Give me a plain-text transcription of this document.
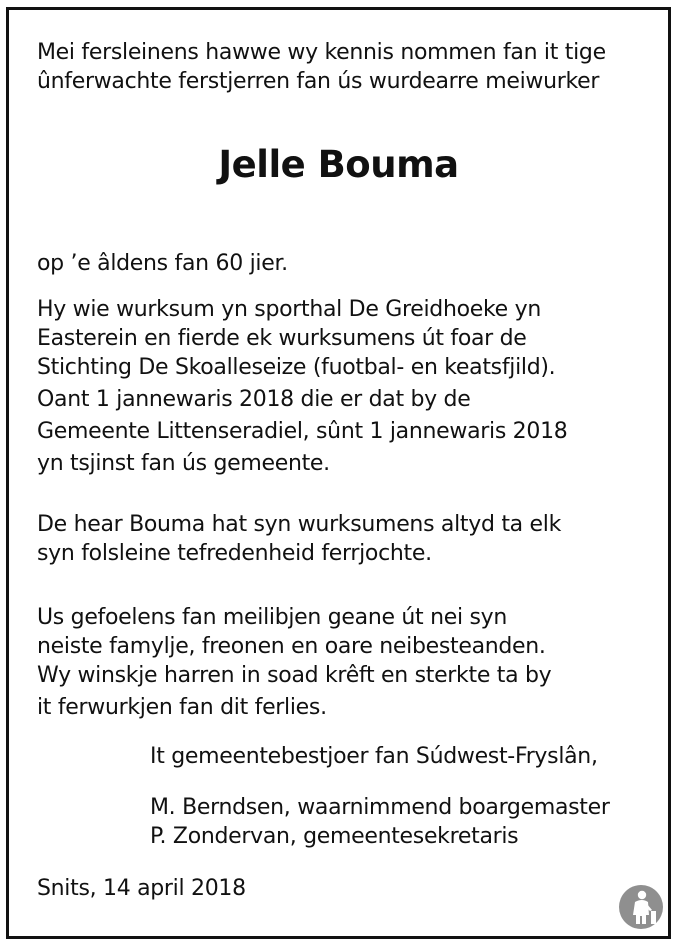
Mei fersleinens hawwe wy kennis nommen fan it tige
ûnferwachte ferstjerren fan ús wurdearre meiwurker
Jelle Bouma
op ’e âldens fan 60 jier.
Hy wie wurksum yn sporthal De Greidhoeke yn
Easterein en fierde ek wurksumens út foar de
Stichting De Skoalleseize (fuotbal- en keatsfjild).
Oant 1 jannewaris 2018 die er dat by de
Gemeente Littenseradiel, sûnt 1 jannewaris 2018
yn tsjinst fan ús gemeente.
De hear Bouma hat syn wurksumens altyd ta elk
syn folsleine tefredenheid ferrjochte.
Us gefoelens fan meilibjen geane út nei syn
neiste famylje, freonen en oare neibesteanden.
Wy winskje harren in soad krêft en sterkte ta by
it ferwurkjen fan dit ferlies.
It gemeentebestjoer fan Súdwest-Fryslân,
M. Berndsen, waarnimmend boargemaster
P. Zondervan, gemeentesekretaris
Snits, 14 april 2018
